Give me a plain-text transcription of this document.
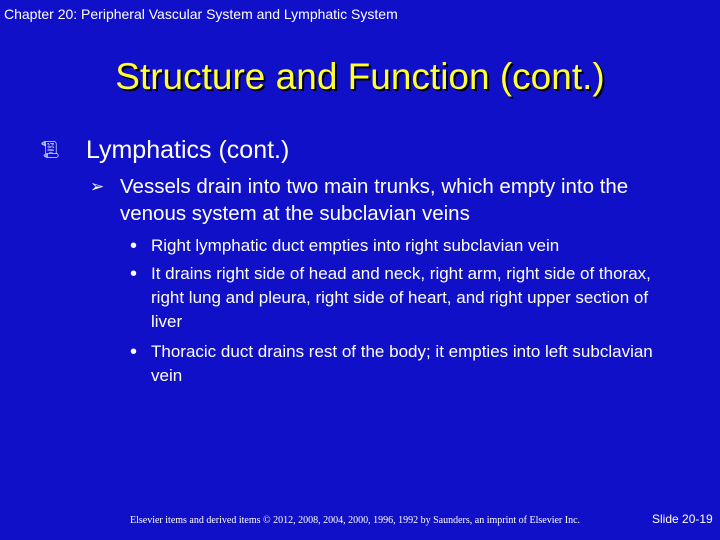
Chapter 20: Peripheral Vascular System and Lymphatic System
Structure and Function (cont.)
📜︎ Lymphatics (cont.)
➢ Vessels drain into two main trunks, which empty into the venous system at the subclavian veins
• Right lymphatic duct empties into right subclavian vein
• It drains right side of head and neck, right arm, right side of thorax, right lung and pleura, right side of heart, and right upper section of liver
• Thoracic duct drains rest of the body; it empties into left subclavian vein
Elsevier items and derived items © 2012, 2008, 2004, 2000, 1996, 1992 by Saunders, an imprint of Elsevier Inc.	Slide 20-19
